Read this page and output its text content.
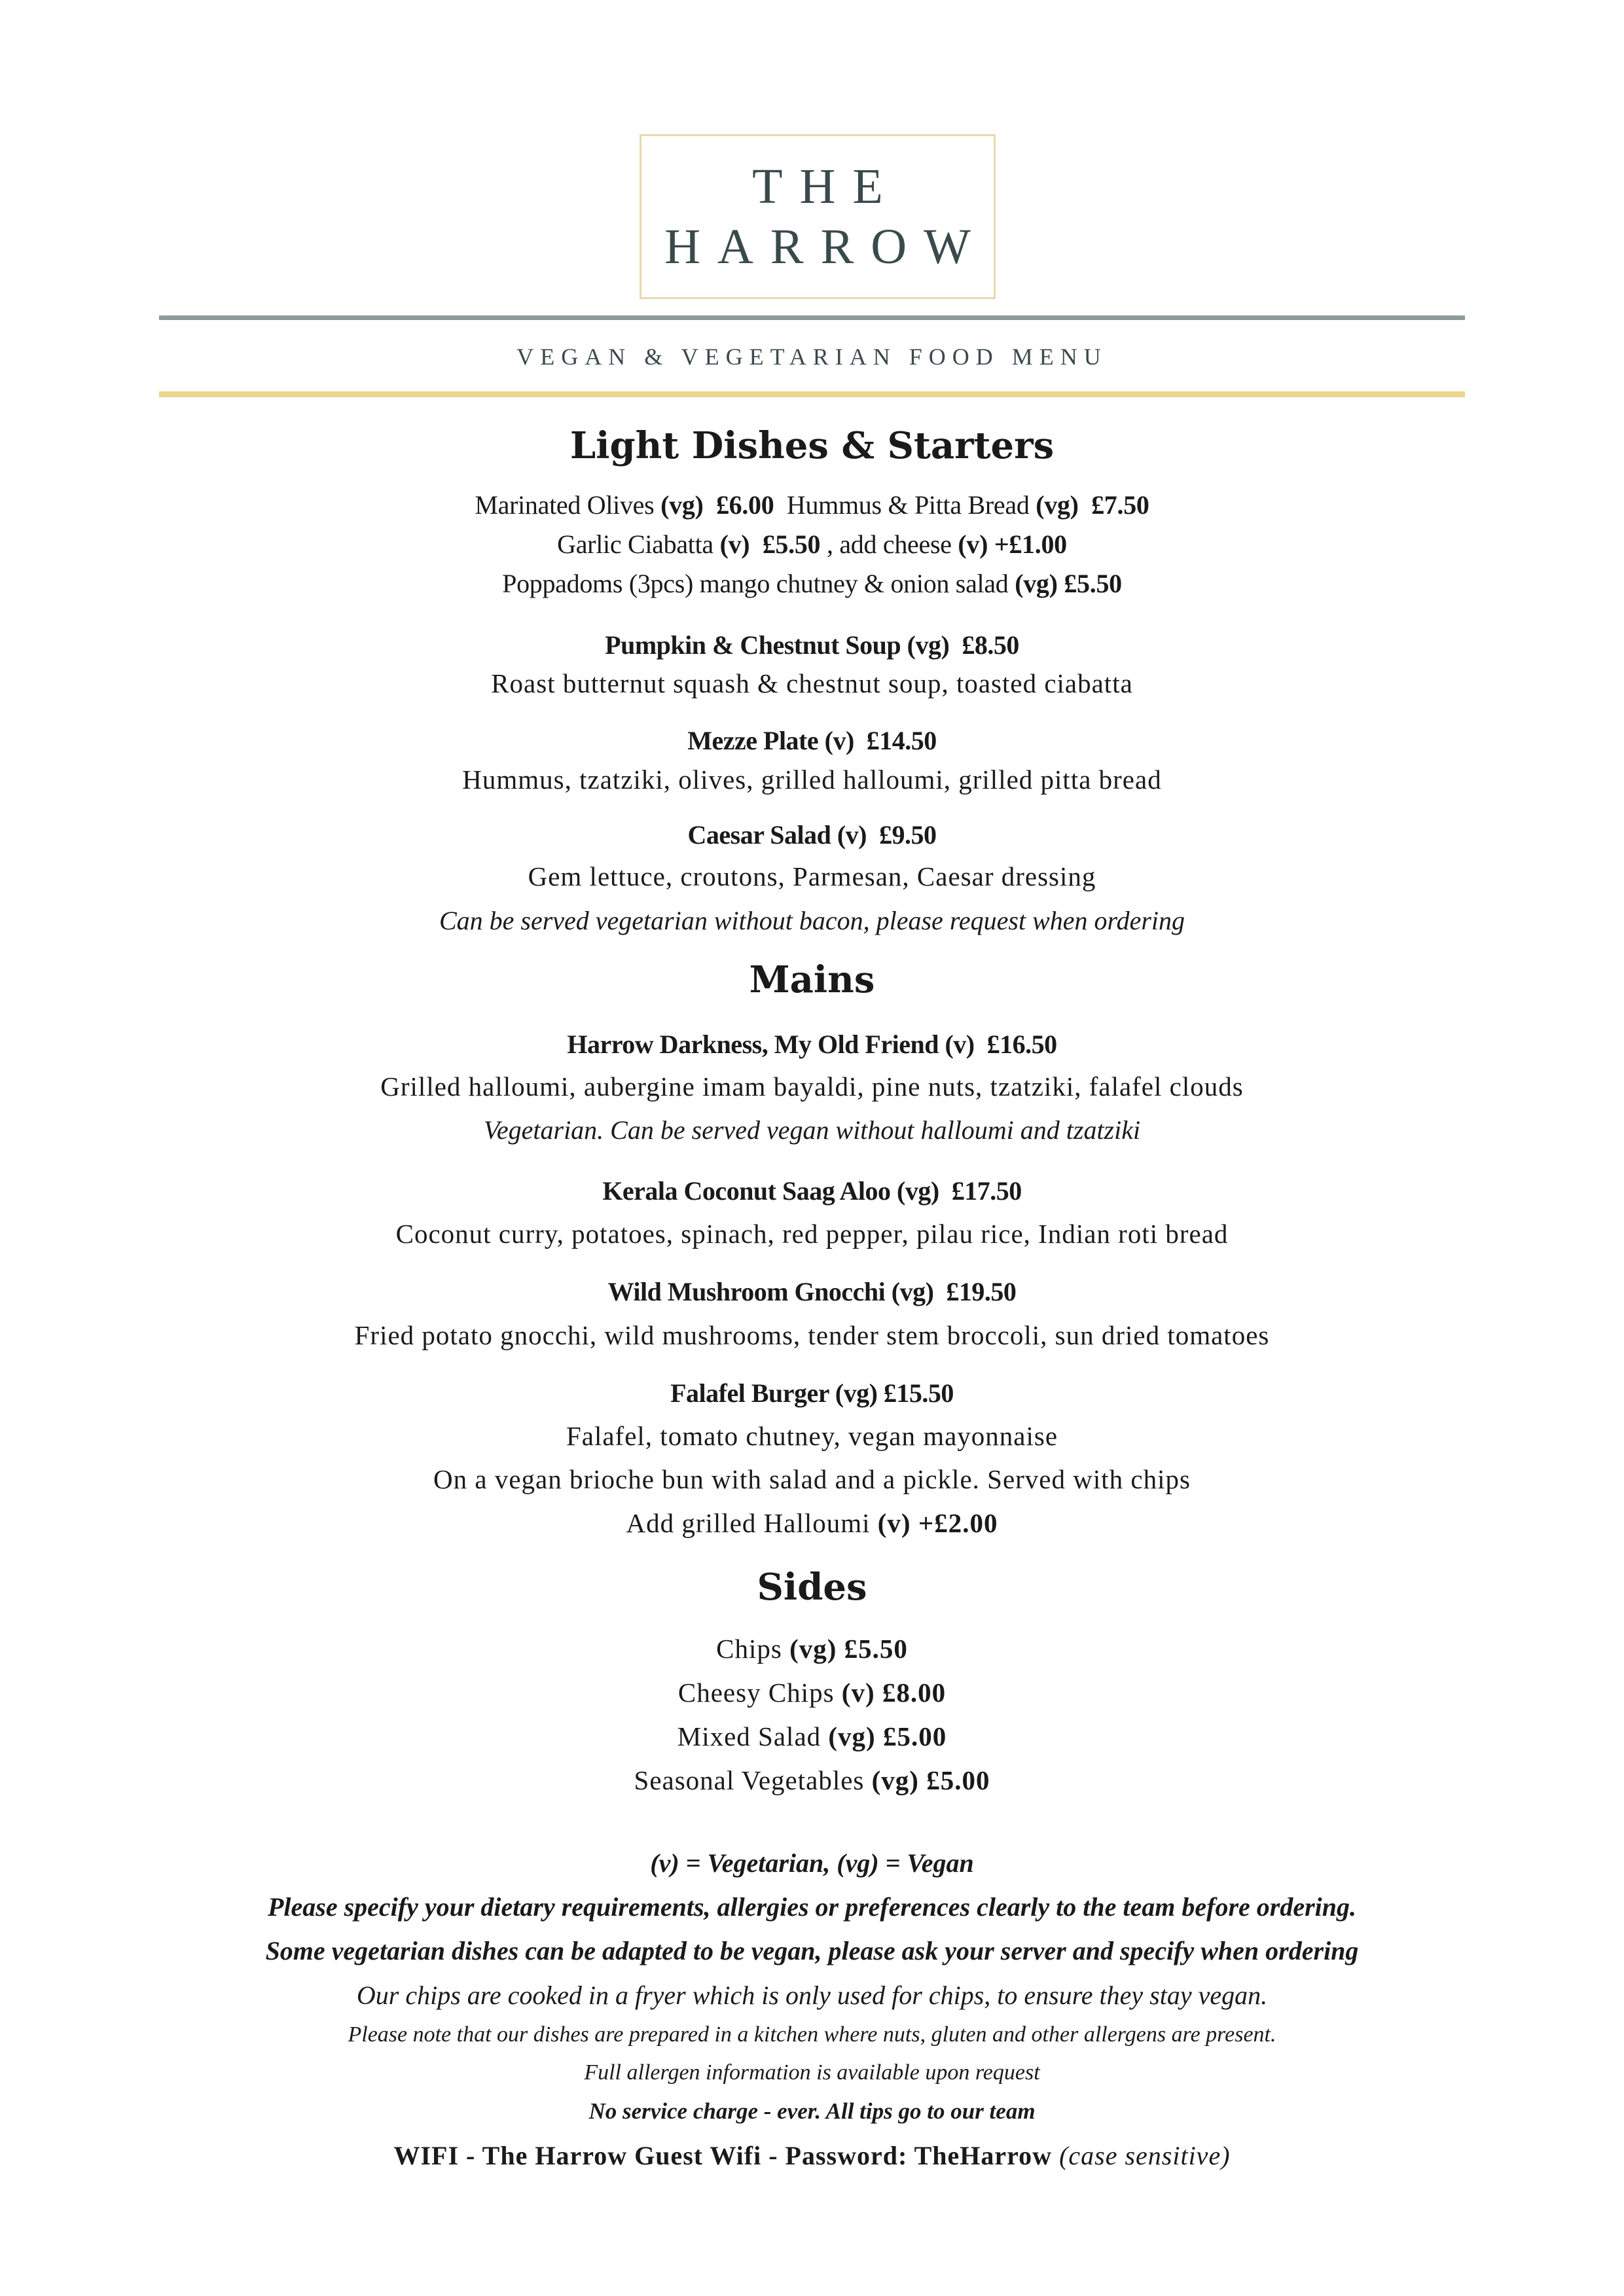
THE
HARROW
VEGAN & VEGETARIAN FOOD MENU
Light Dishes & Starters
Marinated Olives (vg) £6.00 Hummus & Pitta Bread (vg) £7.50
Garlic Ciabatta (v) £5.50 , add cheese (v) +£1.00
Poppadoms (3pcs) mango chutney & onion salad (vg) £5.50
Pumpkin & Chestnut Soup (vg) £8.50
Roast butternut squash & chestnut soup, toasted ciabatta
Mezze Plate (v) £14.50
Hummus, tzatziki, olives, grilled halloumi, grilled pitta bread
Caesar Salad (v) £9.50
Gem lettuce, croutons, Parmesan, Caesar dressing
Can be served vegetarian without bacon, please request when ordering
Mains
Harrow Darkness, My Old Friend (v) £16.50
Grilled halloumi, aubergine imam bayaldi, pine nuts, tzatziki, falafel clouds
Vegetarian. Can be served vegan without halloumi and tzatziki
Kerala Coconut Saag Aloo (vg) £17.50
Coconut curry, potatoes, spinach, red pepper, pilau rice, Indian roti bread
Wild Mushroom Gnocchi (vg) £19.50
Fried potato gnocchi, wild mushrooms, tender stem broccoli, sun dried tomatoes
Falafel Burger (vg) £15.50
Falafel, tomato chutney, vegan mayonnaise
On a vegan brioche bun with salad and a pickle. Served with chips
Add grilled Halloumi (v) +£2.00
Sides
Chips (vg) £5.50
Cheesy Chips (v) £8.00
Mixed Salad (vg) £5.00
Seasonal Vegetables (vg) £5.00
(v) = Vegetarian, (vg) = Vegan
Please specify your dietary requirements, allergies or preferences clearly to the team before ordering.
Some vegetarian dishes can be adapted to be vegan, please ask your server and specify when ordering
Our chips are cooked in a fryer which is only used for chips, to ensure they stay vegan.
Please note that our dishes are prepared in a kitchen where nuts, gluten and other allergens are present.
Full allergen information is available upon request
No service charge - ever. All tips go to our team
WIFI - The Harrow Guest Wifi - Password: TheHarrow (case sensitive)
